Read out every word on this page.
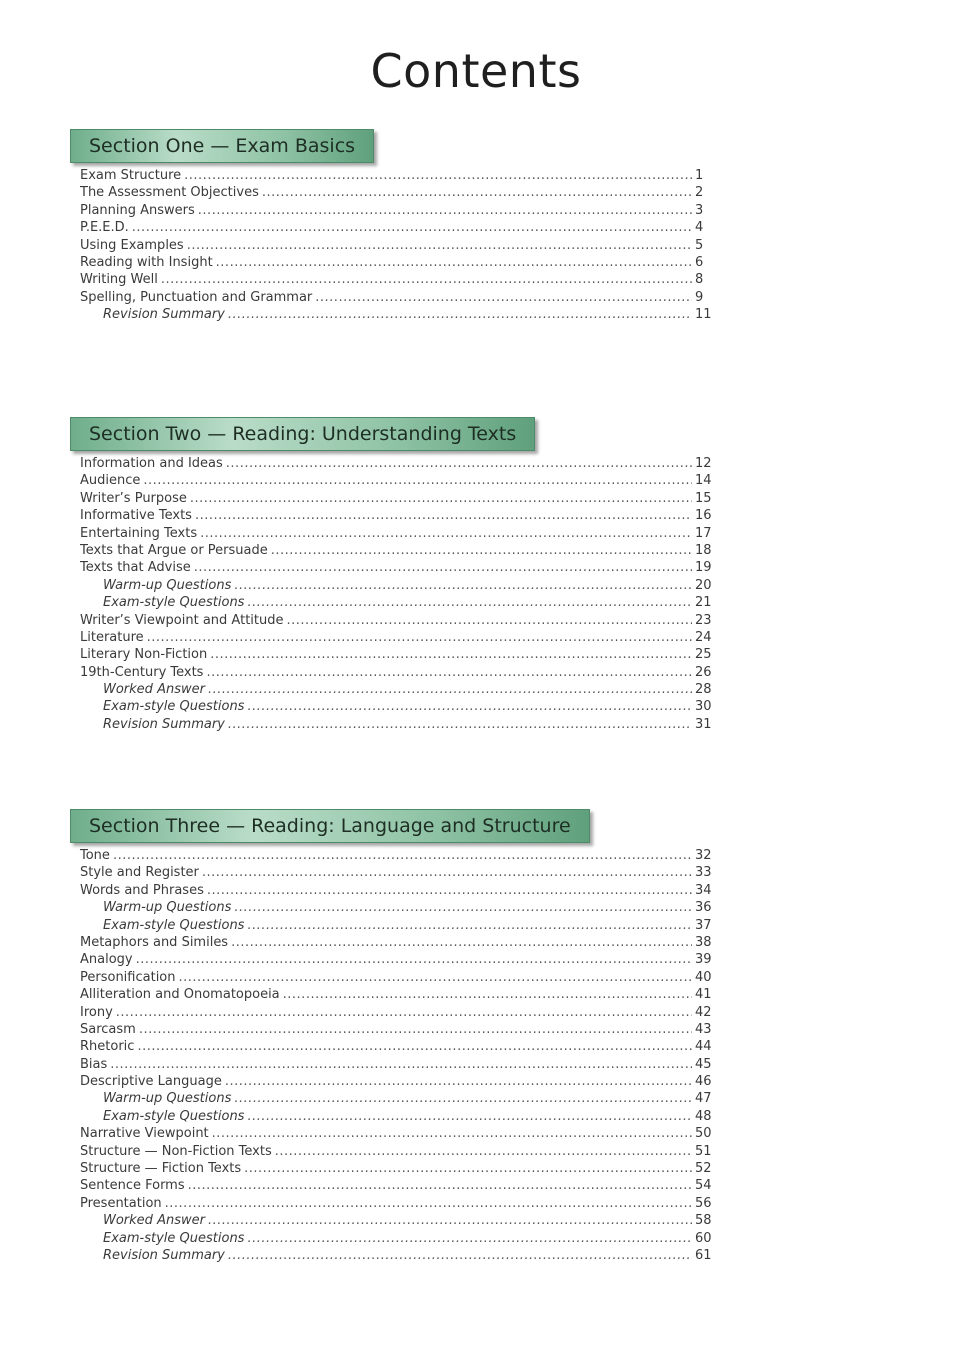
Contents
Section One — Exam Basics
Exam Structure .....	1
The Assessment Objectives .....	2
Planning Answers .....	3
P.E.E.D. .....	4
Using Examples .....	5
Reading with Insight .....	6
Writing Well .....	8
Spelling, Punctuation and Grammar .....	9
Revision Summary .....	11
Section Two — Reading: Understanding Texts
Information and Ideas .....	12
Audience .....	14
Writer’s Purpose .....	15
Informative Texts .....	16
Entertaining Texts .....	17
Texts that Argue or Persuade .....	18
Texts that Advise .....	19
Warm-up Questions .....	20
Exam-style Questions .....	21
Writer’s Viewpoint and Attitude .....	23
Literature .....	24
Literary Non-Fiction .....	25
19th-Century Texts .....	26
Worked Answer .....	28
Exam-style Questions .....	30
Revision Summary .....	31
Section Three — Reading: Language and Structure
Tone .....	32
Style and Register .....	33
Words and Phrases .....	34
Warm-up Questions .....	36
Exam-style Questions .....	37
Metaphors and Similes .....	38
Analogy .....	39
Personification .....	40
Alliteration and Onomatopoeia .....	41
Irony .....	42
Sarcasm .....	43
Rhetoric .....	44
Bias .....	45
Descriptive Language .....	46
Warm-up Questions .....	47
Exam-style Questions .....	48
Narrative Viewpoint .....	50
Structure — Non-Fiction Texts .....	51
Structure — Fiction Texts .....	52
Sentence Forms .....	54
Presentation .....	56
Worked Answer .....	58
Exam-style Questions .....	60
Revision Summary .....	61
